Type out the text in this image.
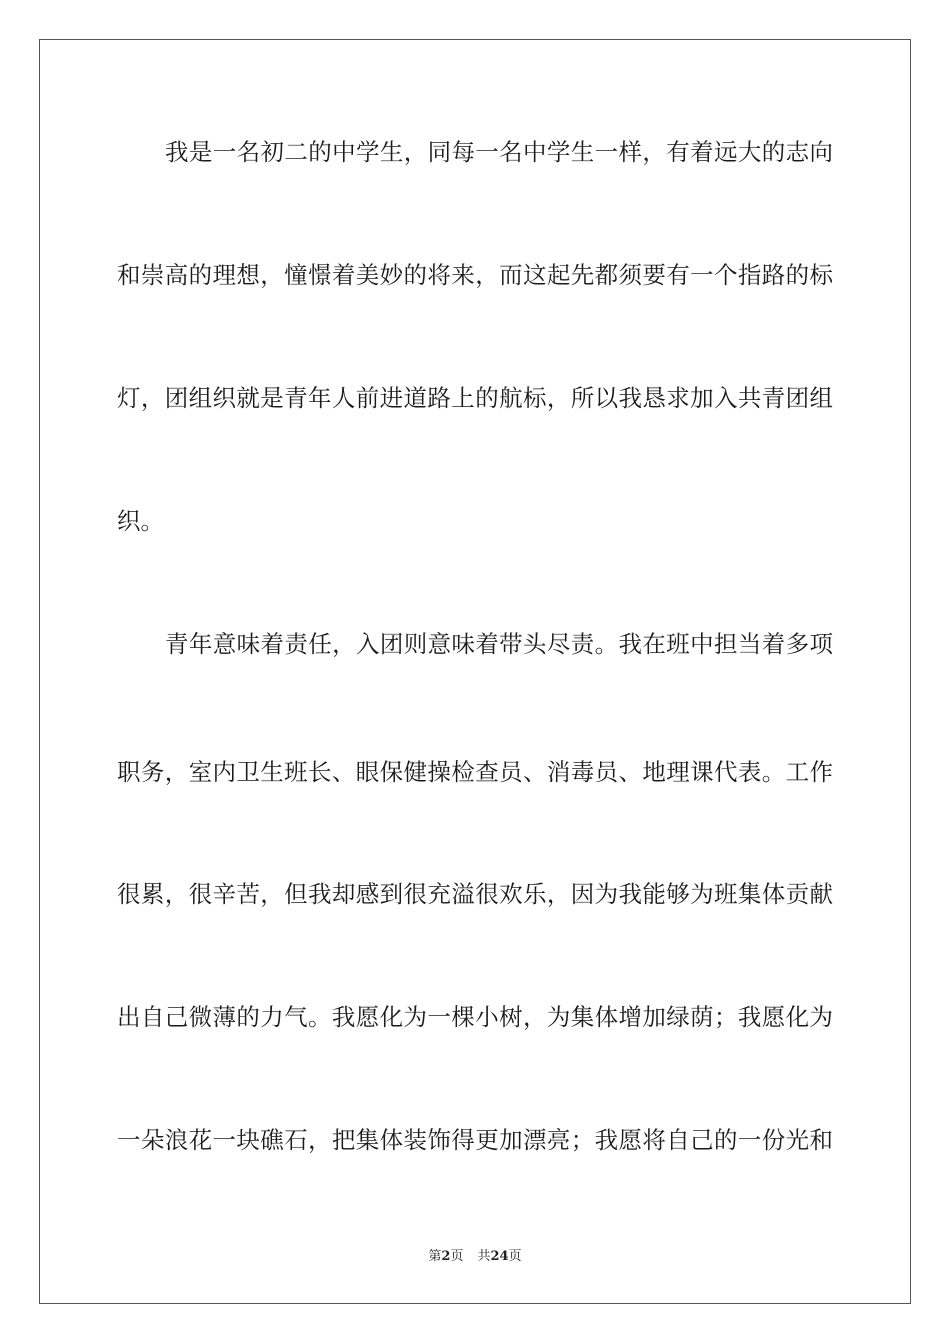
我是一名初二的中学生，同每一名中学生一样，有着远大的志向
和崇高的理想，憧憬着美妙的将来，而这起先都须要有一个指路的标
灯，团组织就是青年人前进道路上的航标，所以我恳求加入共青团组
织。
青年意味着责任，入团则意味着带头尽责。我在班中担当着多项
职务，室内卫生班长、眼保健操检查员、消毒员、地理课代表。工作
很累，很辛苦，但我却感到很充溢很欢乐，因为我能够为班集体贡献
出自己微薄的力气。我愿化为一棵小树，为集体增加绿荫；我愿化为
一朵浪花一块礁石，把集体装饰得更加漂亮；我愿将自己的一份光和
第2页 共24页
